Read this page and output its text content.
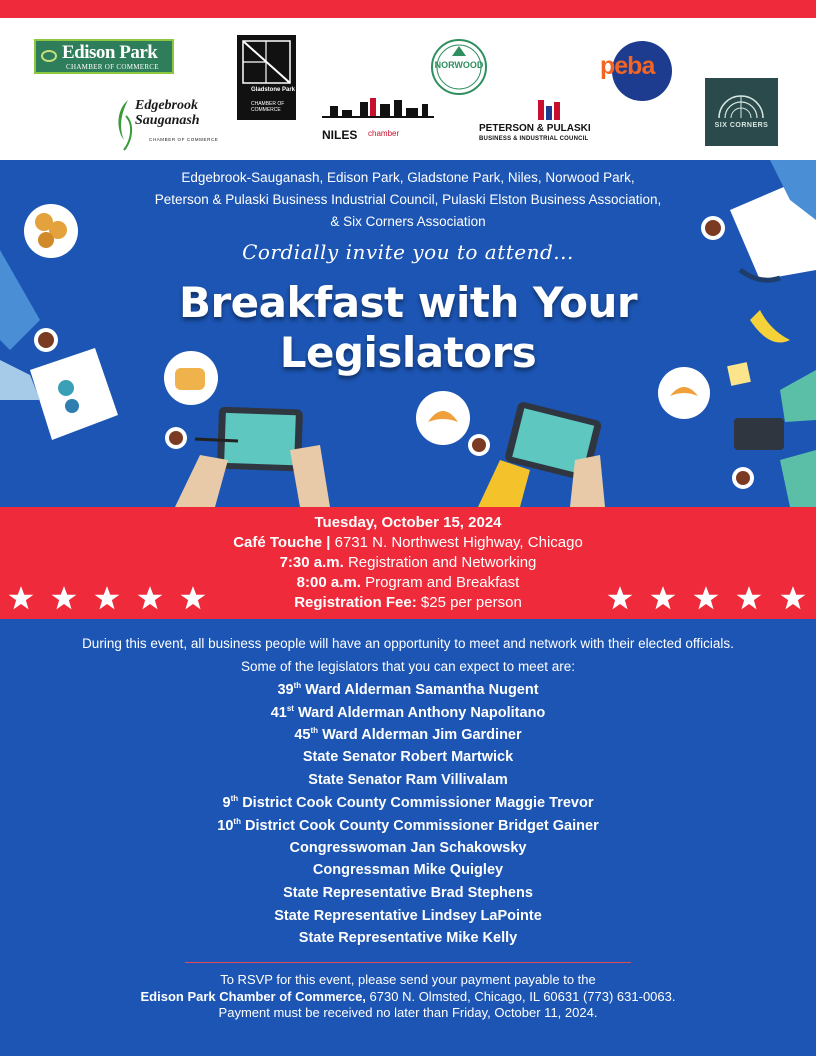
Edison Park
CHAMBER OF COMMERCE
Gladstone Park
CHAMBER OF COMMERCE
Edgebrook
Sauganash
CHAMBER OF COMMERCE	NILES chamber
NORWOOD	peba
PETERSON & PULASKI
BUSINESS & INDUSTRIAL COUNCIL
SIX CORNERS
Edgebrook-Sauganash, Edison Park, Gladstone Park, Niles, Norwood Park,
Peterson & Pulaski Business Industrial Council, Pulaski Elston Business Association,
& Six Corners Association
Cordially invite you to attend...
Breakfast with Your
Legislators
Tuesday, October 15, 2024
Café Touche | 6731 N. Northwest Highway, Chicago
7:30 a.m. Registration and Networking
8:00 a.m. Program and Breakfast
Registration Fee: $25 per person
During this event, all business people will have an opportunity to meet and network with their elected officials.
Some of the legislators that you can expect to meet are:
39th Ward Alderman Samantha Nugent
41st Ward Alderman Anthony Napolitano
45th Ward Alderman Jim Gardiner
State Senator Robert Martwick
State Senator Ram Villivalam
9th District Cook County Commissioner Maggie Trevor
10th District Cook County Commissioner Bridget Gainer
Congresswoman Jan Schakowsky
Congressman Mike Quigley
State Representative Brad Stephens
State Representative Lindsey LaPointe
State Representative Mike Kelly
To RSVP for this event, please send your payment payable to the
Edison Park Chamber of Commerce, 6730 N. Olmsted, Chicago, IL 60631 (773) 631-0063.
Payment must be received no later than Friday, October 11, 2024.
